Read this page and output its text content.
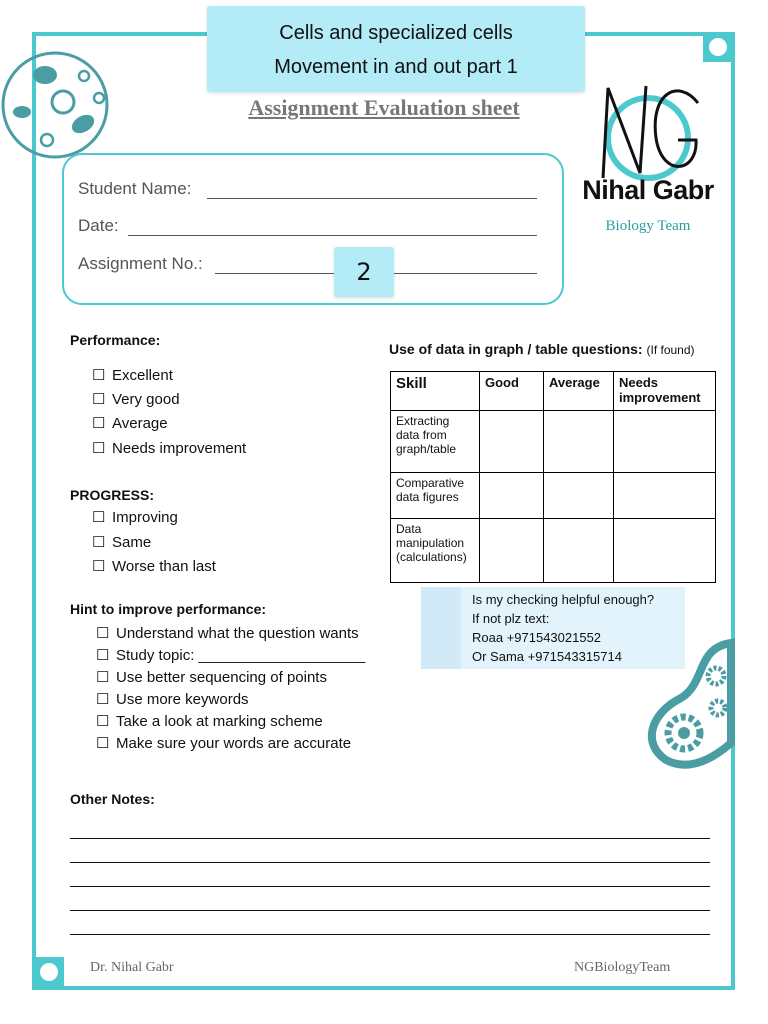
Cells and specialized cells
Movement in and out part 1
Assignment Evaluation sheet
Nihal Gabr
Biology Team
Student Name:
Date:
Assignment No.:	2
Performance:
☐ Excellent
☐ Very good
☐ Average
☐ Needs improvement
PROGRESS:
☐ Improving
☐ Same
☐ Worse than last
Hint to improve performance:
☐ Understand what the question wants
☐ Study topic: ____________________
☐ Use better sequencing of points
☐ Use more keywords
☐ Take a look at marking scheme
☐ Make sure your words are accurate
Use of data in graph / table questions: (If found)
Skill	Good	Average	Needs improvement
Extracting data from graph/table			
Comparative data figures			
Data manipulation (calculations)			
Is my checking helpful enough?
If not plz text:
Roaa +971543021552
Or Sama +971543315714
Other Notes:
Dr. Nihal Gabr	NGBiologyTeam
